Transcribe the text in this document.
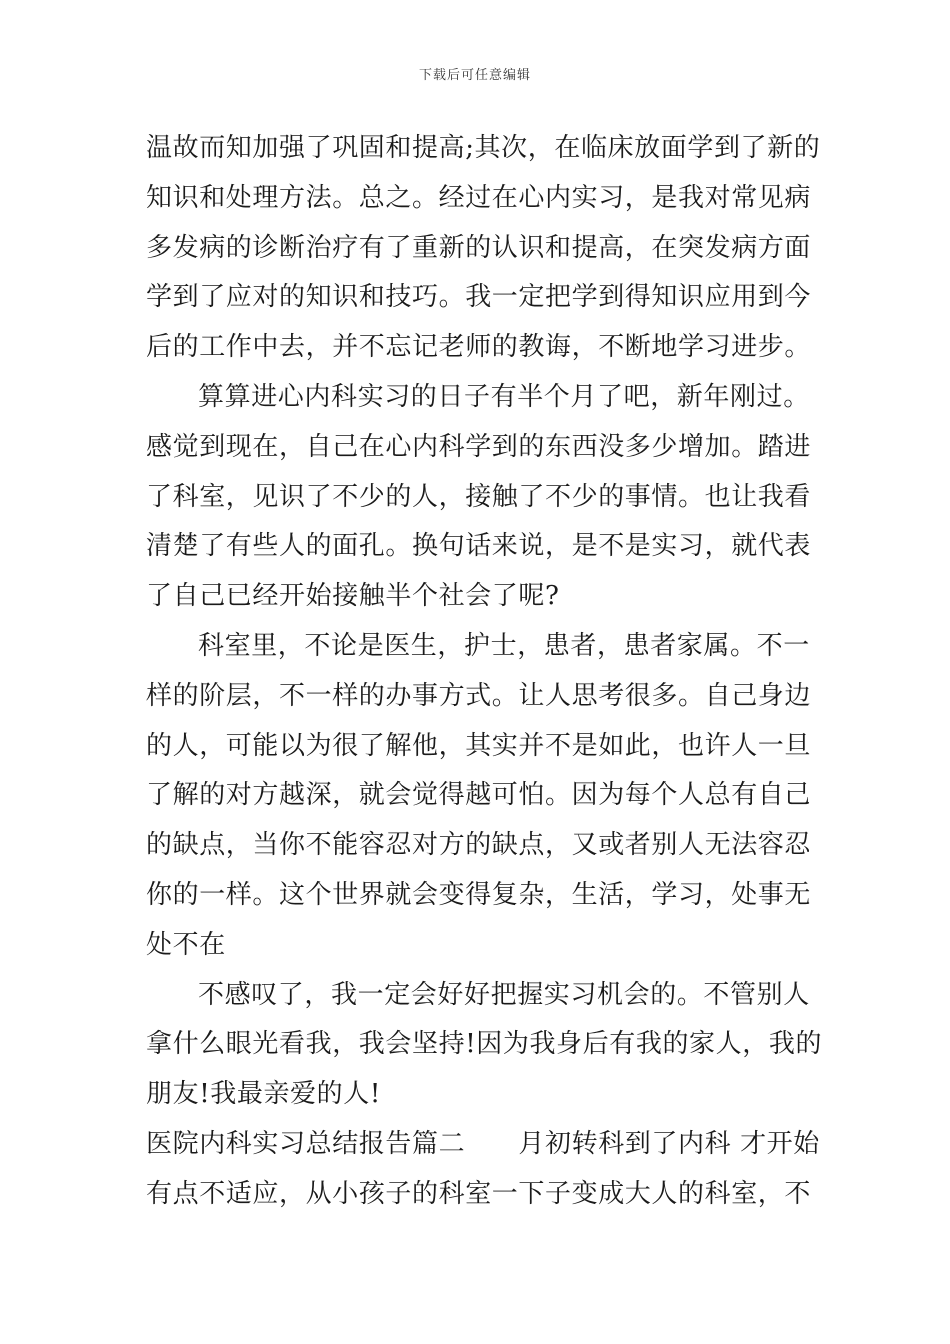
下载后可任意编辑
温故而知加强了巩固和提高;其次，在临床放面学到了新的
知识和处理方法。总之。经过在心内实习，是我对常见病
多发病的诊断治疗有了重新的认识和提高，在突发病方面
学到了应对的知识和技巧。我一定把学到得知识应用到今
后的工作中去，并不忘记老师的教诲，不断地学习进步。
算算进心内科实习的日子有半个月了吧，新年刚过。
感觉到现在，自己在心内科学到的东西没多少增加。踏进
了科室，见识了不少的人，接触了不少的事情。也让我看
清楚了有些人的面孔。换句话来说，是不是实习，就代表
了自己已经开始接触半个社会了呢?
科室里，不论是医生，护士，患者，患者家属。不一
样的阶层，不一样的办事方式。让人思考很多。自己身边
的人，可能以为很了解他，其实并不是如此，也许人一旦
了解的对方越深，就会觉得越可怕。因为每个人总有自己
的缺点，当你不能容忍对方的缺点，又或者别人无法容忍
你的一样。这个世界就会变得复杂，生活，学习，处事无
处不在
不感叹了，我一定会好好把握实习机会的。不管别人
拿什么眼光看我，我会坚持!因为我身后有我的家人，我的
朋友!我最亲爱的人!
医院内科实习总结报告篇二　　月初转科到了内科 才开始
有点不适应，从小孩子的科室一下子变成大人的科室，不
